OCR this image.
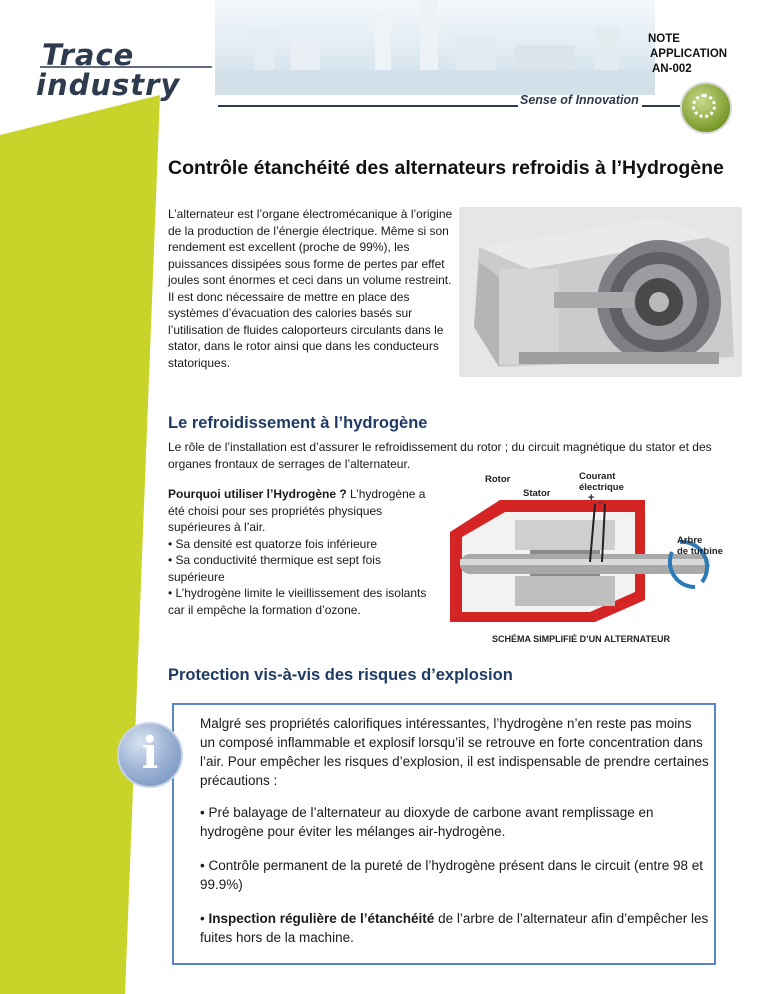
Trace
industry
NOTE
APPLICATION
AN-002
Sense of Innovation
Contrôle étanchéité des alternateurs refroidis à l’Hydrogène
L’alternateur est l’organe électromécanique à l’origine de la production de l’énergie électrique. Même si son rendement est excellent (proche de 99%), les puissances dissipées sous forme de pertes par effet joules sont énormes et ceci dans un volume restreint. Il est donc nécessaire de mettre en place des systèmes d’évacuation des calories basés sur l’utilisation de fluides caloporteurs circulants dans le stator, dans le rotor ainsi que dans les conducteurs statoriques.
Le refroidissement à l’hydrogène
Le rôle de l’installation est d’assurer le refroidissement du rotor ; du circuit magnétique du stator et des organes frontaux de serrages de l’alternateur.
Pourquoi utiliser l’Hydrogène ? L’hydrogène a été choisi pour ses propriétés physiques supérieures à l’air.
• Sa densité est quatorze fois inférieure
• Sa conductivité thermique est sept fois supérieure
• L’hydrogène limite le vieillissement des isolants car il empêche la formation d’ozone.
Rotor
Stator
Courant
électrique
+ _
Arbre
de turbine
SCHÉMA SIMPLIFIÉ D’UN ALTERNATEUR
Protection vis-à-vis des risques d’explosion
i
Malgré ses propriétés calorifiques intéressantes, l’hydrogène n’en reste pas moins un composé inflammable et explosif lorsqu’il se retrouve en forte concentration dans l’air. Pour empêcher les risques d’explosion, il est indispensable de prendre certaines précautions :
• Pré balayage de l’alternateur au dioxyde de carbone avant remplissage en hydrogène pour éviter les mélanges air-hydrogène.
• Contrôle permanent de la pureté de l’hydrogène présent dans le circuit (entre 98 et 99.9%)
• Inspection régulière de l’étanchéité de l’arbre de l’alternateur afin d’empêcher les fuites hors de la machine.
